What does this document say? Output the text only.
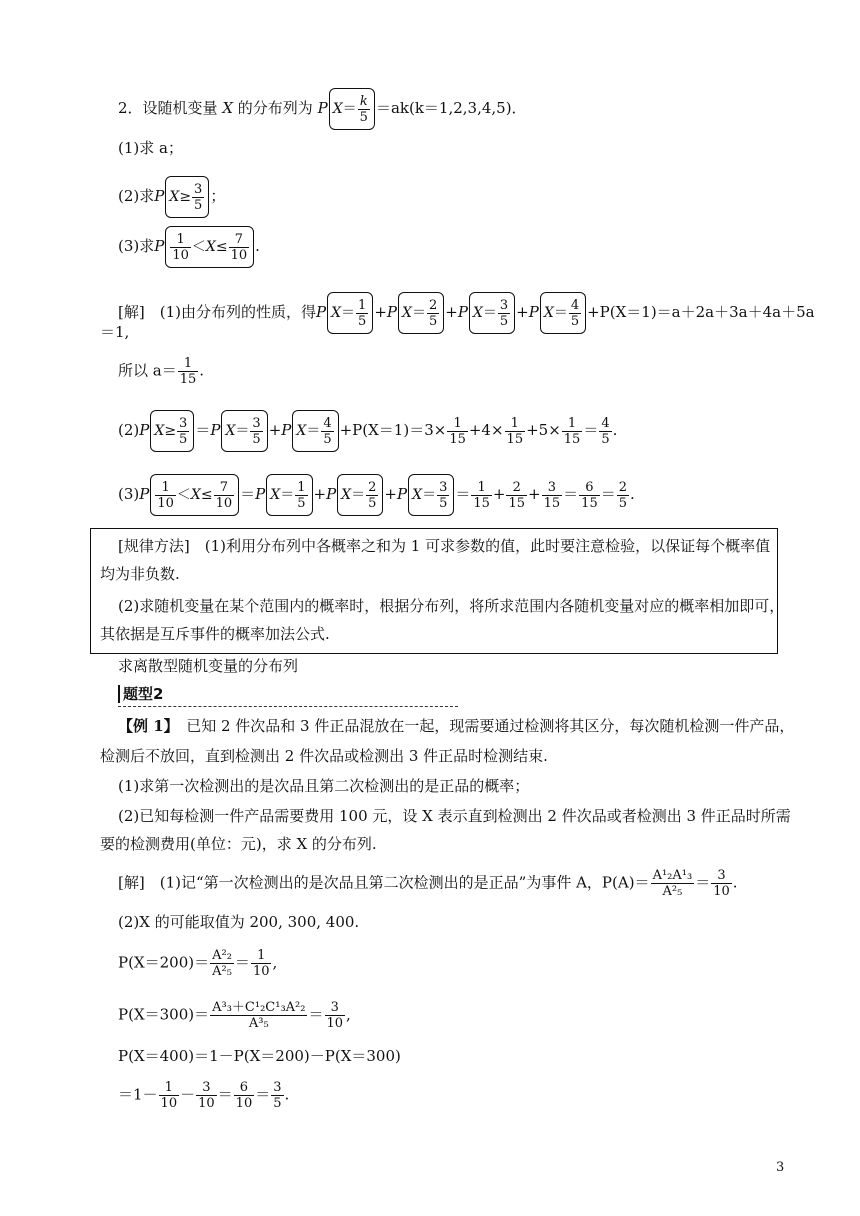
2．设随机变量 X 的分布列为 P $X= \frac{k}{5} =ak(k=1,2,3,4,5)$．
(1)求 a；
(2)求P $X\ge \frac{3}{5}$ ；
(3)求P $\frac{1}{10} <X\le \frac{7}{10}$ .
[解]　 (1)由分布列的性质，得P $X= \frac{1}{5} +P$ $X= \frac{2}{5} +P$ $X= \frac{3}{5} +P$ $X= \frac{4}{5} +P(X=1)=a+2a+3a+4a+5a$
＝1,
所以 $a= \frac{1}{15}$ .
(2)P $X\ge \frac{3}{5} =P$ $X= \frac{3}{5} +P$ $X= \frac{4}{5} +P(X=1)=3\times \frac{1}{15} +4\times \frac{1}{15} +5\times \frac{1}{15} = \frac{4}{5}$ .
$(3)P \frac{1}{10} <X\le \frac{7}{10} =P$ $X= \frac{1}{5} +P$ $X= \frac{2}{5} +P$ $X= \frac{3}{5} = \frac{1}{15} + \frac{2}{15} + \frac{3}{15} = \frac{6}{15} = \frac{2}{5}$ .
[规律方法]　 (1)利用分布列中各概率之和为 1 可求参数的值，此时要注意检验，以保证每个概率值
均为非负数.
(2)求随机变量在某个范围内的概率时，根据分布列，将所求范围内各随机变量对应的概率相加即可，
其依据是互斥事件的概率加法公式.
求离散型随机变量的分布列
题型2
【例 1】　 已知 2 件次品和 3 件正品混放在一起，现需要通过检测将其区分，每次随机检测一件产品，
检测后不放回，直到检测出 2 件次品或检测出 3 件正品时检测结束.
(1)求第一次检测出的是次品且第二次检测出的是正品的概率；
(2)已知每检测一件产品需要费用 100 元，设 X 表示直到检测出 2 件次品或者检测出 3 件正品时所需
要的检测费用(单位：元)，求 X 的分布列.
[解]　 (1)记“第一次检测出的是次品且第二次检测出的是正品”为事件 A，$P(A)= \frac{\text{A¹₂A¹₃}}{\text{A²₅}} = \frac{3}{10}$ .
(2)X 的可能取值为 200, 300, 400.
$P(X=200)= \frac{\text{A²₂}}{\text{A²₅}} = \frac{1}{10}$ ,
$P(X=300)= \frac{\text{A³₃＋C¹₂C¹₃A²₂}}{\text{A³₅}} = \frac{3}{10}$ ,
P(X＝400)＝1－P(X＝200)－P(X＝300)
$=1- \frac{1}{10} - \frac{3}{10} = \frac{6}{10} = \frac{3}{5}$ .
3
